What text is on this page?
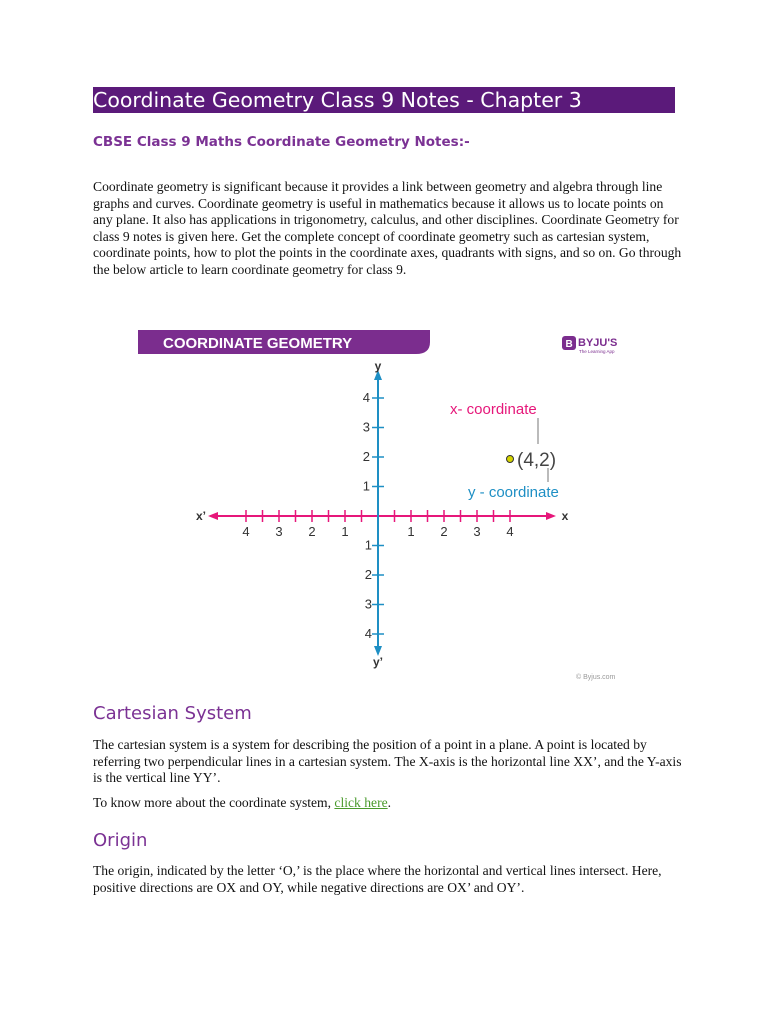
Coordinate Geometry Class 9 Notes - Chapter 3
CBSE Class 9 Maths Coordinate Geometry Notes:-
Coordinate geometry is significant because it provides a link between geometry and algebra through line graphs and curves. Coordinate geometry is useful in mathematics because it allows us to locate points on any plane. It also has applications in trigonometry, calculus, and other disciplines. Coordinate Geometry for class 9 notes is given here. Get the complete concept of coordinate geometry such as cartesian system, coordinate points, how to plot the points in the coordinate axes, quadrants with signs, and so on. Go through the below article to learn coordinate geometry for class 9.
COORDINATE GEOMETRY	B BYJU'S
The Learning App
x
x’
y
y’
1 2 3 4
1
2
3
4
1
2
3
4
1
2
3
4
x- coordinate
y - coordinate
(4,2)
© Byjus.com
Cartesian System
The cartesian system is a system for describing the position of a point in a plane. A point is located by referring two perpendicular lines in a cartesian system. The X-axis is the horizontal line XX’, and the Y-axis is the vertical line YY’.
To know more about the coordinate system, click here.
Origin
The origin, indicated by the letter ‘O,’ is the place where the horizontal and vertical lines intersect. Here, positive directions are OX and OY, while negative directions are OX’ and OY’.
